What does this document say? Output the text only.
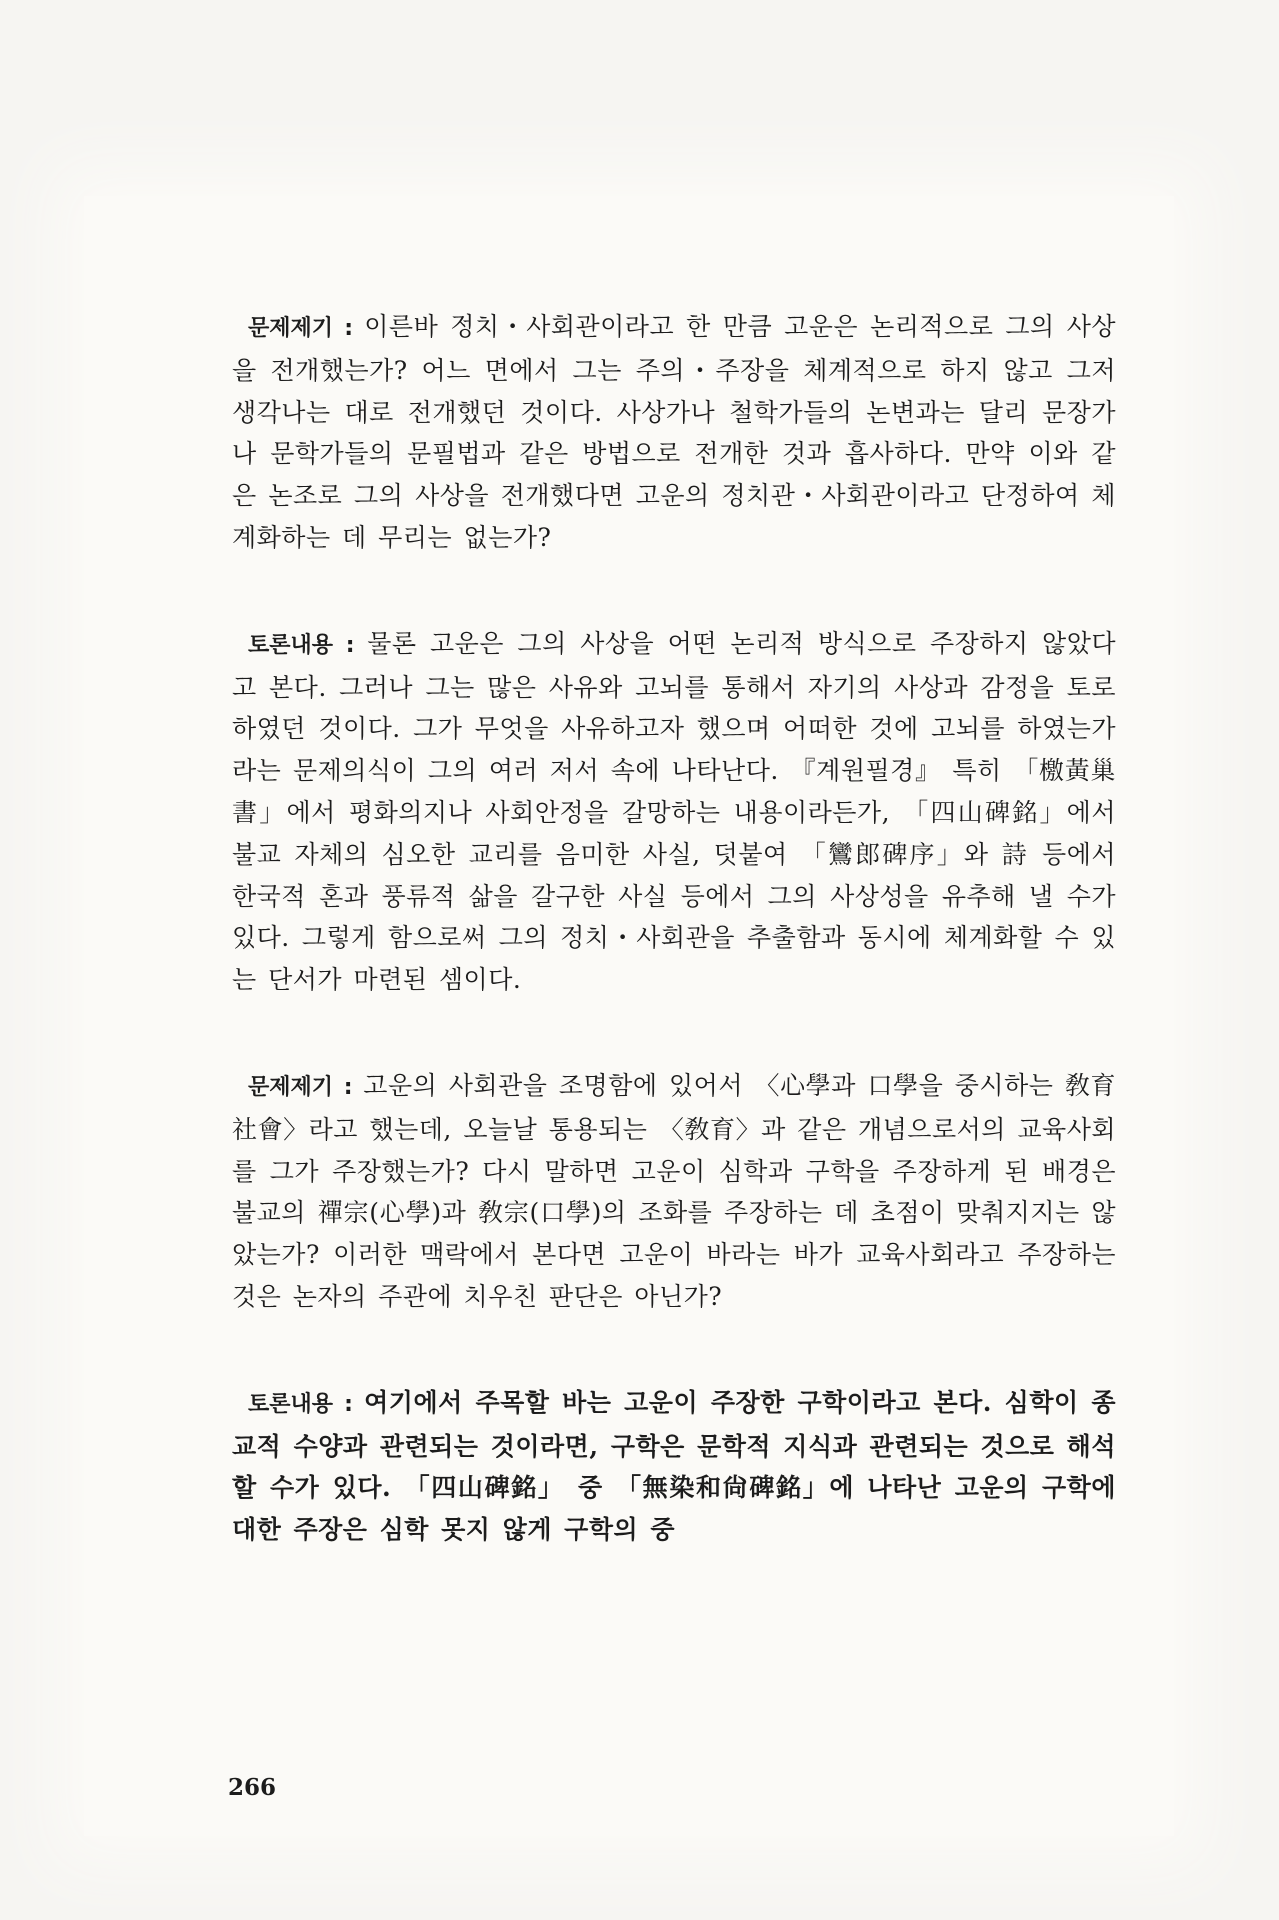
문제제기 : 이른바 정치・사회관이라고 한 만큼 고운은 논리적으로 그의 사상을 전개했는가? 어느 면에서 그는 주의・주장을 체계적으로 하지 않고 그저 생각나는 대로 전개했던 것이다. 사상가나 철학가들의 논변과는 달리 문장가나 문학가들의 문필법과 같은 방법으로 전개한 것과 흡사하다. 만약 이와 같은 논조로 그의 사상을 전개했다면 고운의 정치관・사회관이라고 단정하여 체계화하는 데 무리는 없는가?

토론내용 : 물론 고운은 그의 사상을 어떤 논리적 방식으로 주장하지 않았다고 본다. 그러나 그는 많은 사유와 고뇌를 통해서 자기의 사상과 감정을 토로하였던 것이다. 그가 무엇을 사유하고자 했으며 어떠한 것에 고뇌를 하였는가라는 문제의식이 그의 여러 저서 속에 나타난다. 『계원필경』 특히 「檄黃巢書」에서 평화의지나 사회안정을 갈망하는 내용이라든가, 「四山碑銘」에서 불교 자체의 심오한 교리를 음미한 사실, 덧붙여 「鸞郎碑序」와 詩 등에서 한국적 혼과 풍류적 삶을 갈구한 사실 등에서 그의 사상성을 유추해 낼 수가 있다. 그렇게 함으로써 그의 정치・사회관을 추출함과 동시에 체계화할 수 있는 단서가 마련된 셈이다.

문제제기 : 고운의 사회관을 조명함에 있어서 〈心學과 口學을 중시하는 敎育社會〉라고 했는데, 오늘날 통용되는 〈敎育〉과 같은 개념으로서의 교육사회를 그가 주장했는가? 다시 말하면 고운이 심학과 구학을 주장하게 된 배경은 불교의 禪宗(心學)과 敎宗(口學)의 조화를 주장하는 데 초점이 맞춰지지는 않았는가? 이러한 맥락에서 본다면 고운이 바라는 바가 교육사회라고 주장하는 것은 논자의 주관에 치우친 판단은 아닌가?

토론내용 : 여기에서 주목할 바는 고운이 주장한 구학이라고 본다. 심학이 종교적 수양과 관련되는 것이라면, 구학은 문학적 지식과 관련되는 것으로 해석할 수가 있다. 「四山碑銘」 중 「無染和尙碑銘」에 나타난 고운의 구학에 대한 주장은 심학 못지 않게 구학의 중

266
